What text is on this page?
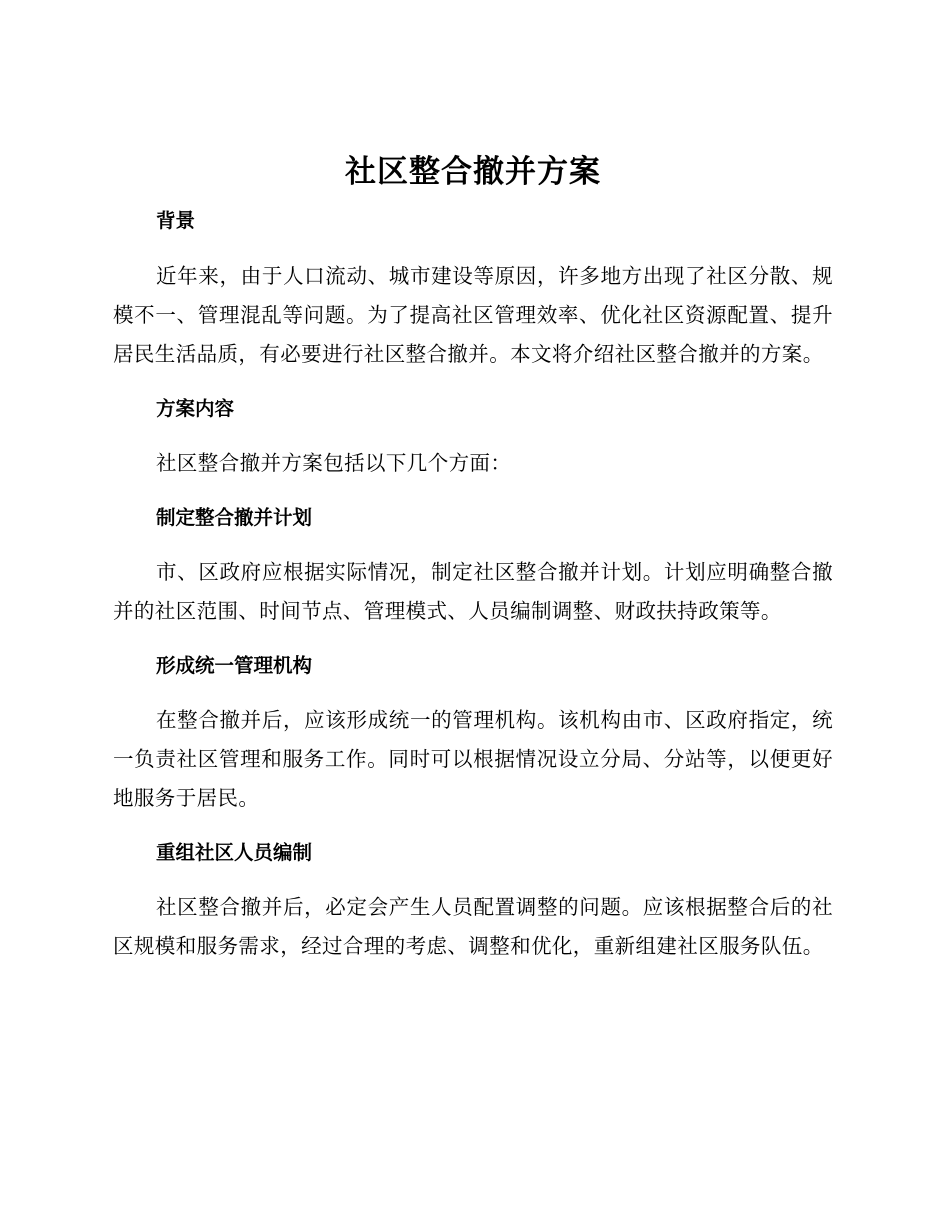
社区整合撤并方案
背景

近年来，由于人口流动、城市建设等原因，许多地方出现了社区分散、规模不一、管理混乱等问题。为了提高社区管理效率、优化社区资源配置、提升居民生活品质，有必要进行社区整合撤并。本文将介绍社区整合撤并的方案。

方案内容

社区整合撤并方案包括以下几个方面：

制定整合撤并计划

市、区政府应根据实际情况，制定社区整合撤并计划。计划应明确整合撤并的社区范围、时间节点、管理模式、人员编制调整、财政扶持政策等。

形成统一管理机构

在整合撤并后，应该形成统一的管理机构。该机构由市、区政府指定，统一负责社区管理和服务工作。同时可以根据情况设立分局、分站等，以便更好地服务于居民。

重组社区人员编制

社区整合撤并后，必定会产生人员配置调整的问题。应该根据整合后的社区规模和服务需求，经过合理的考虑、调整和优化，重新组建社区服务队伍。
